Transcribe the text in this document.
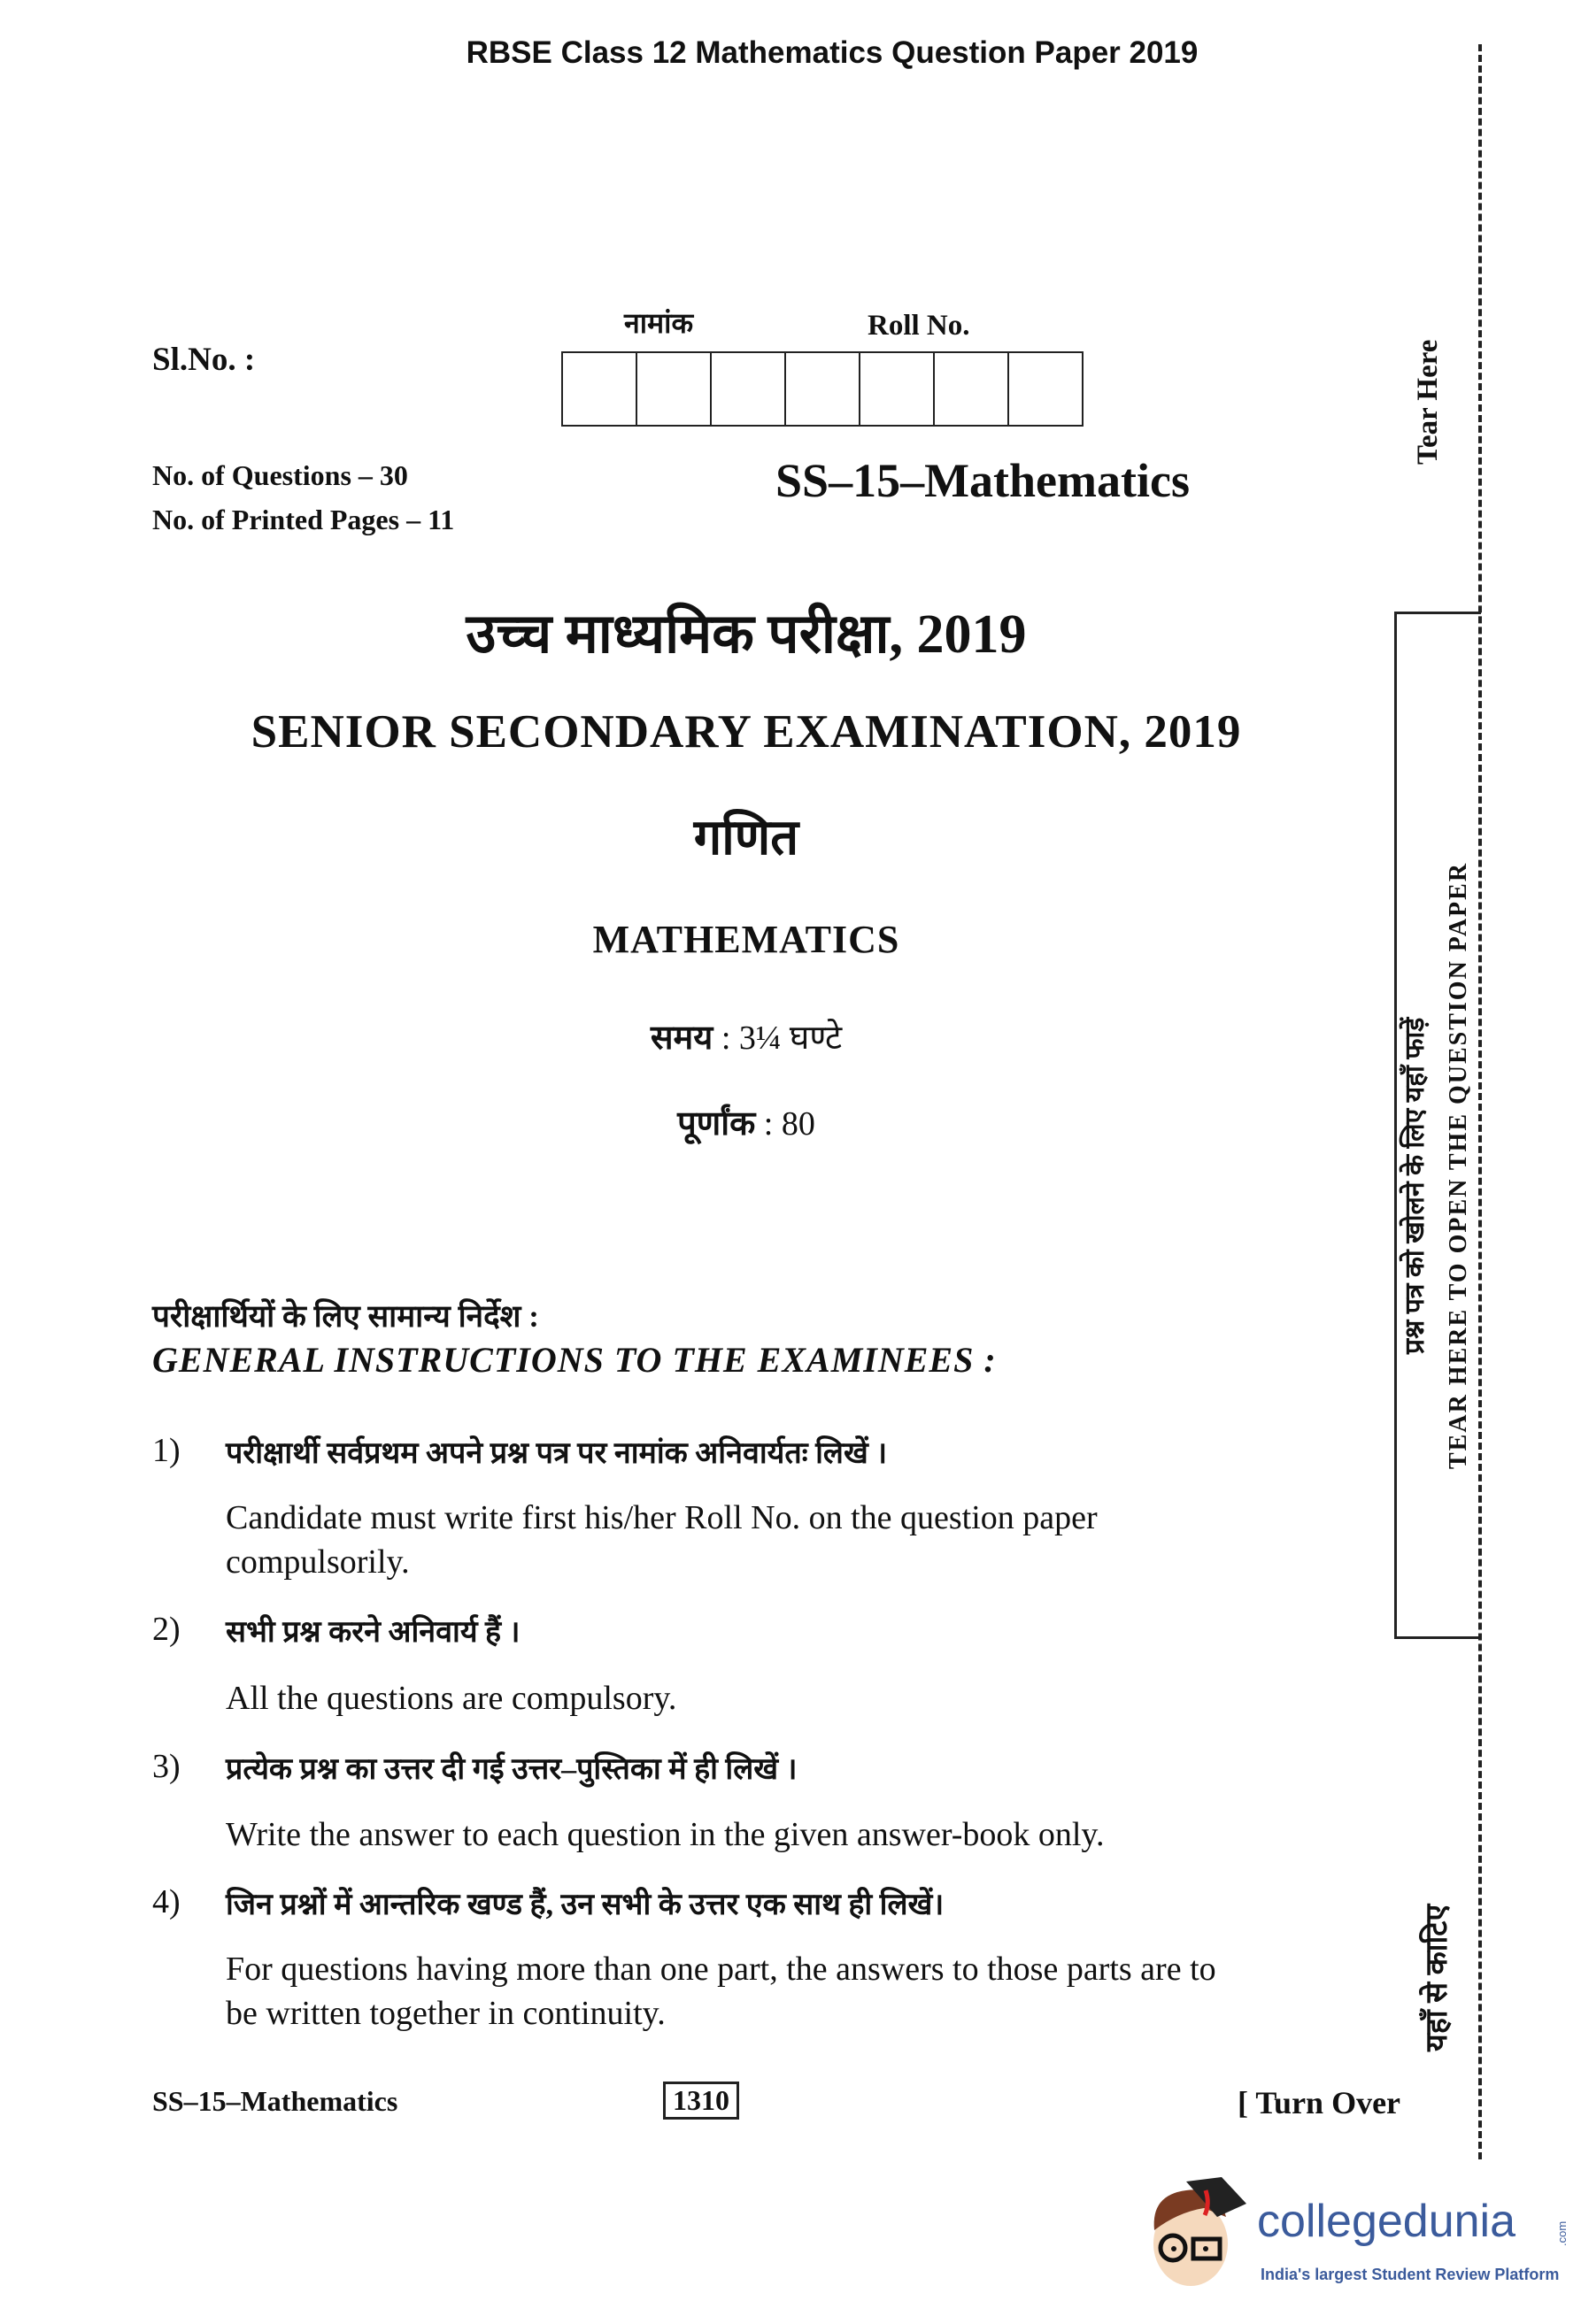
RBSE Class 12 Mathematics Question Paper 2019
Sl.No. :
नामांक	Roll No.
No. of Questions – 30
No. of Printed Pages – 11
SS–15–Mathematics
उच्च माध्यमिक परीक्षा, 2019
SENIOR SECONDARY EXAMINATION, 2019
गणित
MATHEMATICS
समय : 3¼ घण्टे
पूर्णांक : 80
परीक्षार्थियों के लिए सामान्य निर्देश :
GENERAL INSTRUCTIONS TO THE EXAMINEES :
1) परीक्षार्थी सर्वप्रथम अपने प्रश्न पत्र पर नामांक अनिवार्यतः लिखें ।
Candidate must write first his/her Roll No. on the question paper
compulsorily.
2) सभी प्रश्न करने अनिवार्य हैं ।
All the questions are compulsory.
3) प्रत्येक प्रश्न का उत्तर दी गई उत्तर–पुस्तिका में ही लिखें ।
Write the answer to each question in the given answer-book only.
4) जिन प्रश्नों में आन्तरिक खण्ड हैं, उन सभी के उत्तर एक साथ ही लिखें।
For questions having more than one part, the answers to those parts are to
be written together in continuity.
SS–15–Mathematics	1310	[ Turn Over
Tear Here
प्रश्न पत्र को खोलने के लिए यहाँ फाड़ें TEAR HERE TO OPEN THE QUESTION PAPER
यहाँ से काटिए
collegedunia	.com
India's largest Student Review Platform
